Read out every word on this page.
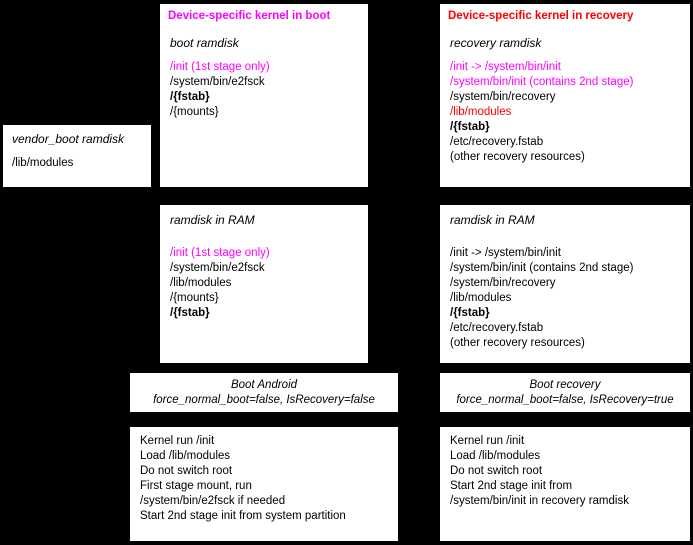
Device-specific kernel in boot	Device-specific kernel in recovery
vendor_boot ramdisk
/lib/modules
boot ramdisk
/init (1st stage only)
/system/bin/e2fsck
/{fstab}
/{mounts}
recovery ramdisk
/init -> /system/bin/init
/system/bin/init (contains 2nd stage)
/system/bin/recovery
/lib/modules
/{fstab}
/etc/recovery.fstab
(other recovery resources)
ramdisk in RAM
/init (1st stage only)
/system/bin/e2fsck
/lib/modules
/{mounts}
/{fstab}
ramdisk in RAM
/init -> /system/bin/init
/system/bin/init (contains 2nd stage)
/system/bin/recovery
/lib/modules
/{fstab}
/etc/recovery.fstab
(other recovery resources)
Boot Android
force_normal_boot=false, IsRecovery=false
Boot recovery
force_normal_boot=false, IsRecovery=true
Kernel run /init
Load /lib/modules
Do not switch root
First stage mount, run
/system/bin/e2fsck if needed
Start 2nd stage init from system partition
Kernel run /init
Load /lib/modules
Do not switch root
Start 2nd stage init from
/system/bin/init in recovery ramdisk
